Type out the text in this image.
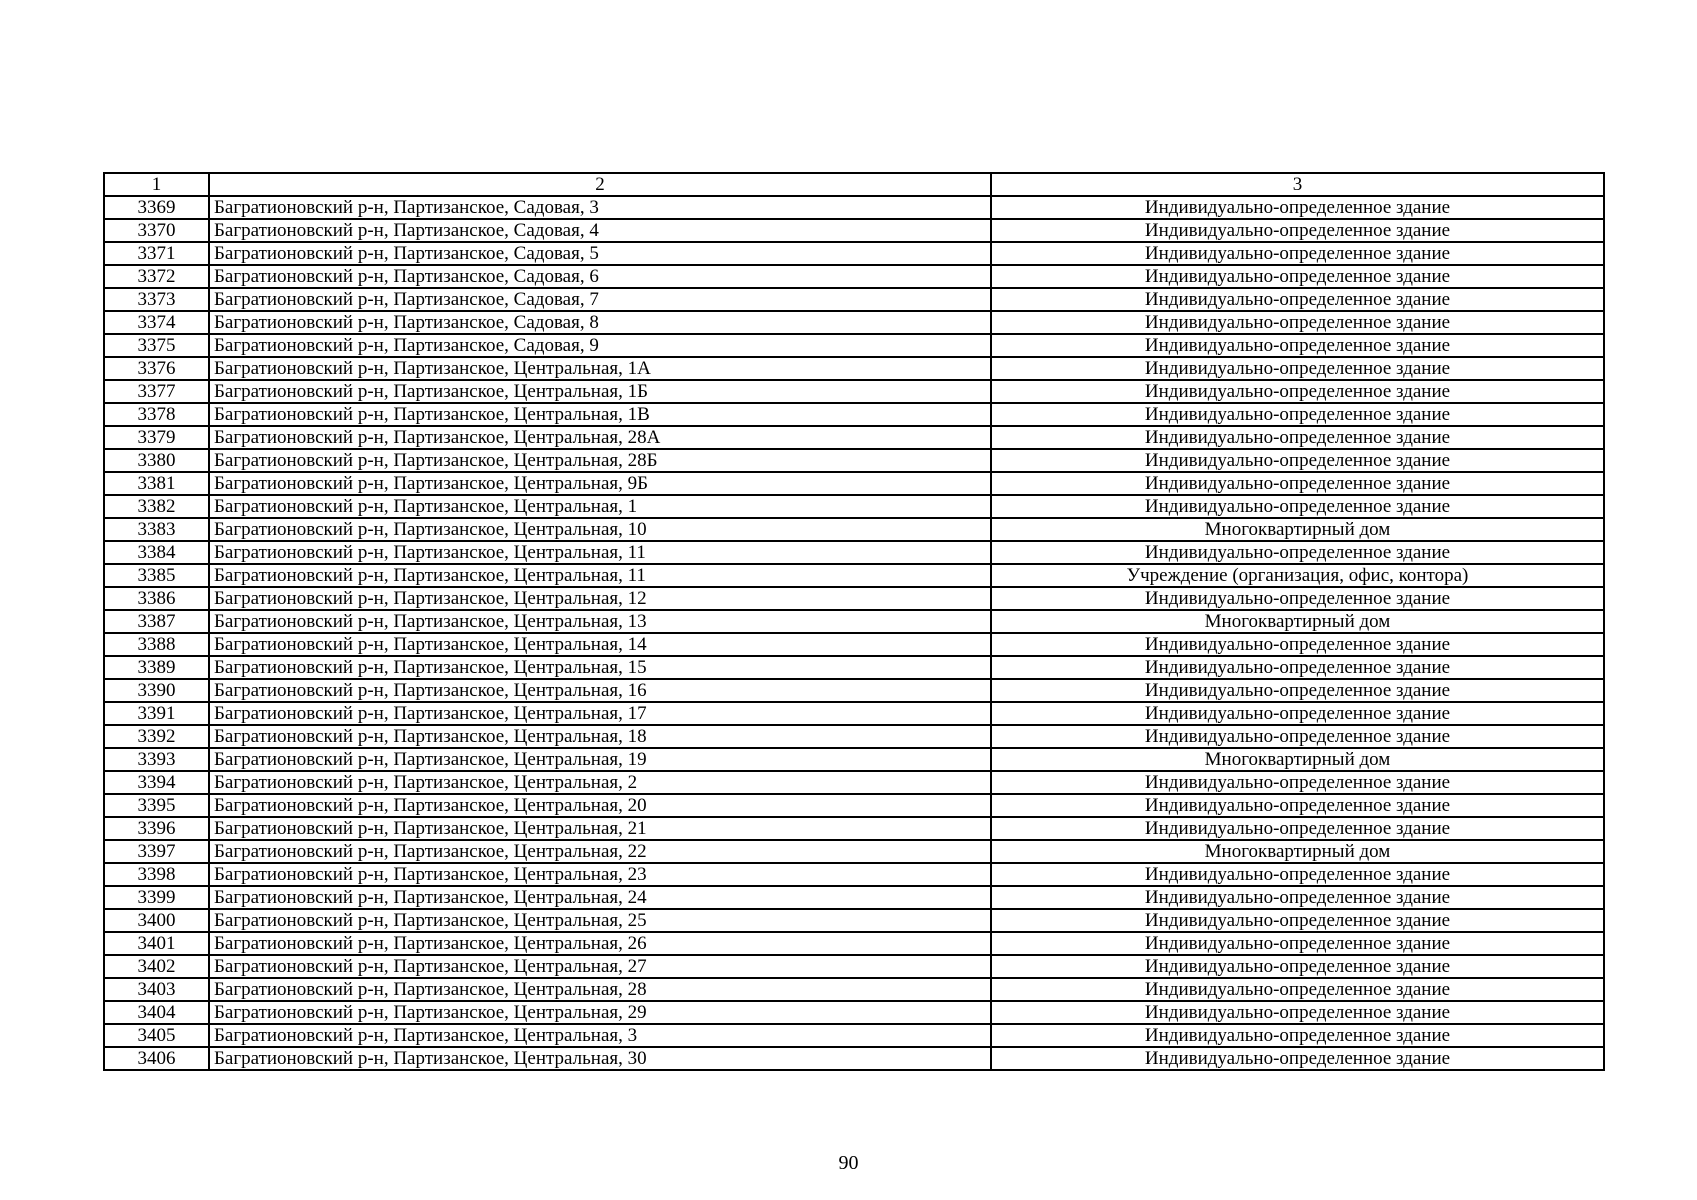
1	2	3
3369	Багратионовский р-н, Партизанское, Садовая, 3	Индивидуально-определенное здание
3370	Багратионовский р-н, Партизанское, Садовая, 4	Индивидуально-определенное здание
3371	Багратионовский р-н, Партизанское, Садовая, 5	Индивидуально-определенное здание
3372	Багратионовский р-н, Партизанское, Садовая, 6	Индивидуально-определенное здание
3373	Багратионовский р-н, Партизанское, Садовая, 7	Индивидуально-определенное здание
3374	Багратионовский р-н, Партизанское, Садовая, 8	Индивидуально-определенное здание
3375	Багратионовский р-н, Партизанское, Садовая, 9	Индивидуально-определенное здание
3376	Багратионовский р-н, Партизанское, Центральная, 1А	Индивидуально-определенное здание
3377	Багратионовский р-н, Партизанское, Центральная, 1Б	Индивидуально-определенное здание
3378	Багратионовский р-н, Партизанское, Центральная, 1В	Индивидуально-определенное здание
3379	Багратионовский р-н, Партизанское, Центральная, 28А	Индивидуально-определенное здание
3380	Багратионовский р-н, Партизанское, Центральная, 28Б	Индивидуально-определенное здание
3381	Багратионовский р-н, Партизанское, Центральная, 9Б	Индивидуально-определенное здание
3382	Багратионовский р-н, Партизанское, Центральная, 1	Индивидуально-определенное здание
3383	Багратионовский р-н, Партизанское, Центральная, 10	Многоквартирный дом
3384	Багратионовский р-н, Партизанское, Центральная, 11	Индивидуально-определенное здание
3385	Багратионовский р-н, Партизанское, Центральная, 11	Учреждение (организация, офис, контора)
3386	Багратионовский р-н, Партизанское, Центральная, 12	Индивидуально-определенное здание
3387	Багратионовский р-н, Партизанское, Центральная, 13	Многоквартирный дом
3388	Багратионовский р-н, Партизанское, Центральная, 14	Индивидуально-определенное здание
3389	Багратионовский р-н, Партизанское, Центральная, 15	Индивидуально-определенное здание
3390	Багратионовский р-н, Партизанское, Центральная, 16	Индивидуально-определенное здание
3391	Багратионовский р-н, Партизанское, Центральная, 17	Индивидуально-определенное здание
3392	Багратионовский р-н, Партизанское, Центральная, 18	Индивидуально-определенное здание
3393	Багратионовский р-н, Партизанское, Центральная, 19	Многоквартирный дом
3394	Багратионовский р-н, Партизанское, Центральная, 2	Индивидуально-определенное здание
3395	Багратионовский р-н, Партизанское, Центральная, 20	Индивидуально-определенное здание
3396	Багратионовский р-н, Партизанское, Центральная, 21	Индивидуально-определенное здание
3397	Багратионовский р-н, Партизанское, Центральная, 22	Многоквартирный дом
3398	Багратионовский р-н, Партизанское, Центральная, 23	Индивидуально-определенное здание
3399	Багратионовский р-н, Партизанское, Центральная, 24	Индивидуально-определенное здание
3400	Багратионовский р-н, Партизанское, Центральная, 25	Индивидуально-определенное здание
3401	Багратионовский р-н, Партизанское, Центральная, 26	Индивидуально-определенное здание
3402	Багратионовский р-н, Партизанское, Центральная, 27	Индивидуально-определенное здание
3403	Багратионовский р-н, Партизанское, Центральная, 28	Индивидуально-определенное здание
3404	Багратионовский р-н, Партизанское, Центральная, 29	Индивидуально-определенное здание
3405	Багратионовский р-н, Партизанское, Центральная, 3	Индивидуально-определенное здание
3406	Багратионовский р-н, Партизанское, Центральная, 30	Индивидуально-определенное здание
90
